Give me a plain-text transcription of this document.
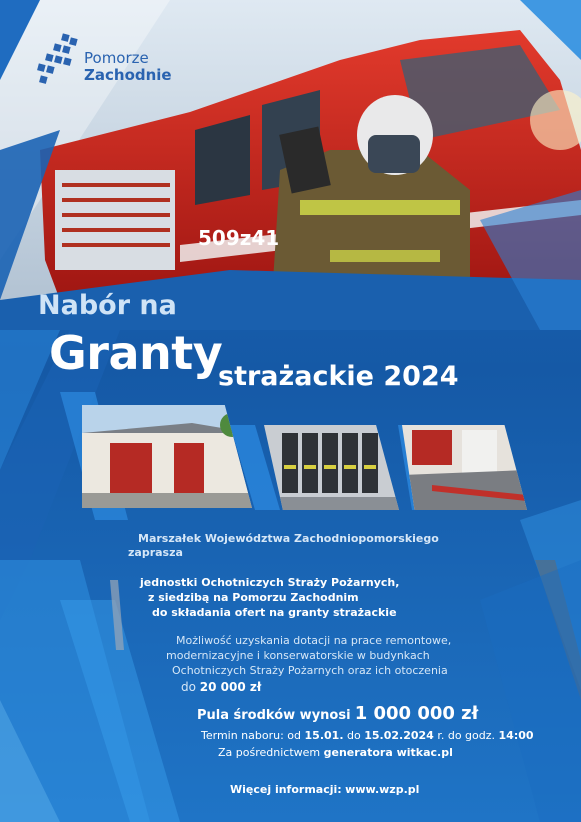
509z41
Pomorze
Zachodnie
Nabór na
Granty
strażackie 2024
Marszałek Województwa Zachodniopomorskiego
zaprasza
jednostki Ochotniczych Straży Pożarnych,
z siedzibą na Pomorzu Zachodnim
do składania ofert na granty strażackie
Możliwość uzyskania dotacji na prace remontowe,
modernizacyjne i konserwatorskie w budynkach
Ochotniczych Straży Pożarnych oraz ich otoczenia
do 20 000 zł
Pula środków wynosi 1 000 000 zł
Termin naboru: od 15.01. do 15.02.2024 r. do godz. 14:00
Za pośrednictwem generatora witkac.pl
Więcej informacji: www.wzp.pl
